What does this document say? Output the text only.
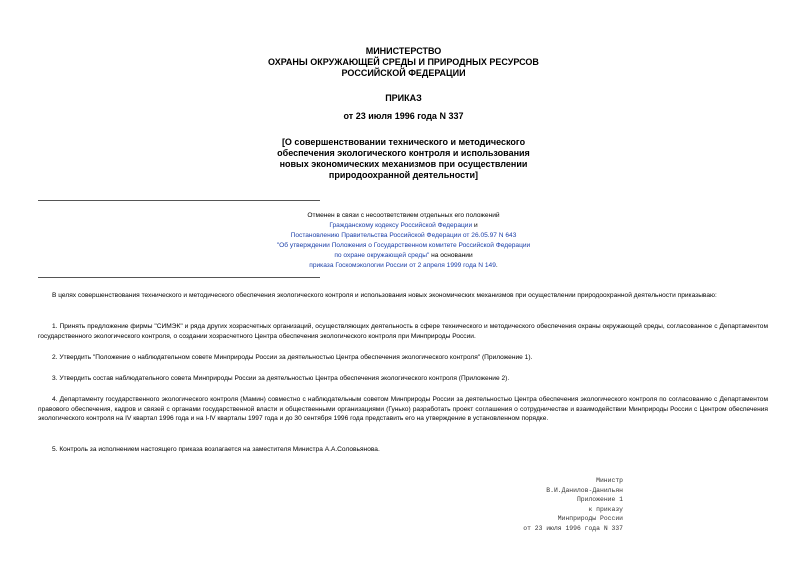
МИНИСТЕРСТВО
ОХРАНЫ ОКРУЖАЮЩЕЙ СРЕДЫ И ПРИРОДНЫХ РЕСУРСОВ
РОССИЙСКОЙ ФЕДЕРАЦИИ
ПРИКАЗ
от 23 июля 1996 года N 337
[О совершенствовании технического и методического
обеспечения экологического контроля и использования
новых экономических механизмов при осуществлении
природоохранной деятельности]
Отменен в связи с несоответствием отдельных его положений
Гражданскому кодексу Российской Федерации и
Постановлению Правительства Российской Федерации от 26.05.97 N 643
"Об утверждении Положения о Государственном комитете Российской Федерации
по охране окружающей среды" на основании
приказа Госкомэкологии России от 2 апреля 1999 года N 149.

В целях совершенствования технического и методического обеспечения экологического контроля и использования новых экономических механизмов при осуществлении природоохранной деятельности приказываю:

1. Принять предложение фирмы "СИМЭК" и ряда других хозрасчетных организаций, осуществляющих деятельность в сфере технического и методического обеспечения охраны окружающей среды, согласованное с Департаментом государственного экологического контроля, о создании хозрасчетного Центра обеспечения экологического контроля при Минприроды России.

2. Утвердить "Положение о наблюдательном совете Минприроды России за деятельностью Центра обеспечения экологического контроля" (Приложение 1).

3. Утвердить состав наблюдательного совета Минприроды России за деятельностью Центра обеспечения экологического контроля (Приложение 2).

4. Департаменту государственного экологического контроля (Мамин) совместно с наблюдательным советом Минприроды России за деятельностью Центра обеспечения экологического контроля по согласованию с Департаментом правового обеспечения, кадров и связей с органами государственной власти и общественными организациями (Гунько) разработать проект соглашения о сотрудничестве и взаимодействии Минприроды России с Центром обеспечения экологического контроля на IV квартал 1996 года и на I-IV кварталы 1997 года и до 30 сентября 1996 года представить его на утверждение в установленном порядке.

5. Контроль за исполнением настоящего приказа возлагается на заместителя Министра А.А.Соловьянова.

Министр
В.И.Данилов-Данильян
Приложение 1
к приказу
Минприроды России
от 23 июля 1996 года N 337
